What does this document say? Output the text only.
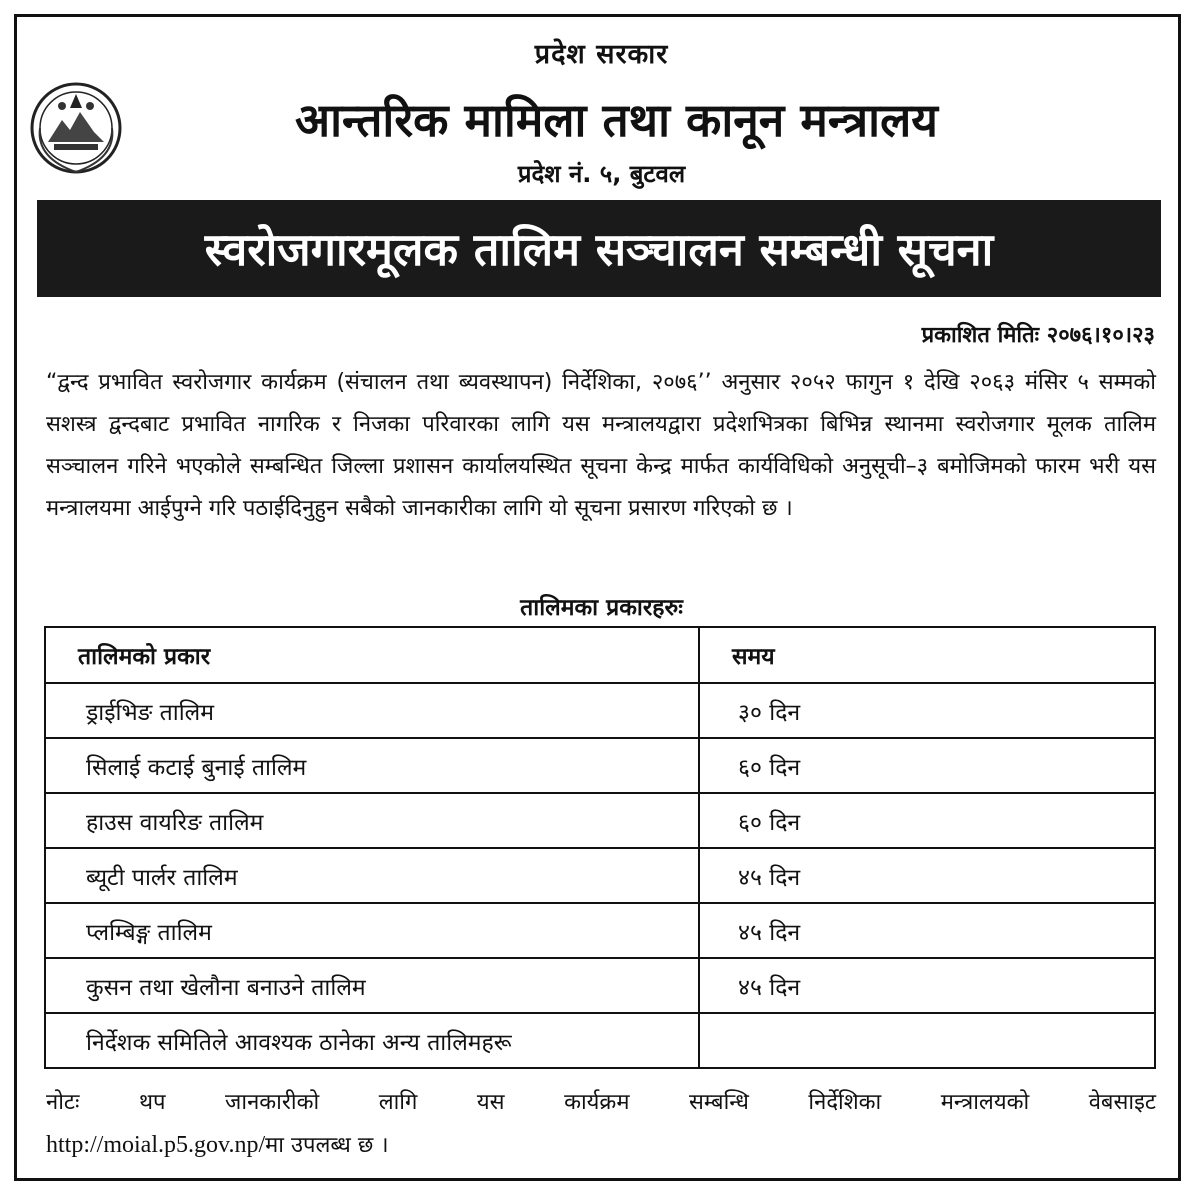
प्रदेश सरकार
आन्तरिक मामिला तथा कानून मन्त्रालय
प्रदेश नं. ५, बुटवल
स्वरोजगारमूलक तालिम सञ्चालन सम्बन्धी सूचना
प्रकाशित मितिः २०७६।१०।२३
“द्वन्द प्रभावित स्वरोजगार कार्यक्रम (संचालन तथा ब्यवस्थापन) निर्देशिका, २०७६’’ अनुसार २०५२ फागुन १ देखि २०६३ मंसिर ५ सम्मको सशस्त्र द्वन्दबाट प्रभावित नागरिक र निजका परिवारका लागि यस मन्त्रालयद्वारा प्रदेशभित्रका बिभिन्न स्थानमा स्वरोजगार मूलक तालिम सञ्चालन गरिने भएकोले सम्बन्धित जिल्ला प्रशासन कार्यालयस्थित सूचना केन्द्र मार्फत कार्यविधिको अनुसूची–३ बमोजिमको फारम भरी यस मन्त्रालयमा आईपुग्ने गरि पठाईदिनुहुन सबैको जानकारीका लागि यो सूचना प्रसारण गरिएको छ ।
तालिमका प्रकारहरुः
तालिमको प्रकार	समय
ड्राईभिङ तालिम	३० दिन
सिलाई कटाई बुनाई तालिम	६० दिन
हाउस वायरिङ तालिम	६० दिन
ब्यूटी पार्लर तालिम	४५ दिन
प्लम्बिङ्ग तालिम	४५ दिन
कुसन तथा खेलौना बनाउने तालिम	४५ दिन
निर्देशक समितिले आवश्यक ठानेका अन्य तालिमहरू	
नोटः	थप	जानकारीको	लागि	यस	कार्यक्रम	सम्बन्धि	निर्देशिका	मन्त्रालयको	वेबसाइट
http://moial.p5.gov.np/मा उपलब्ध छ ।
